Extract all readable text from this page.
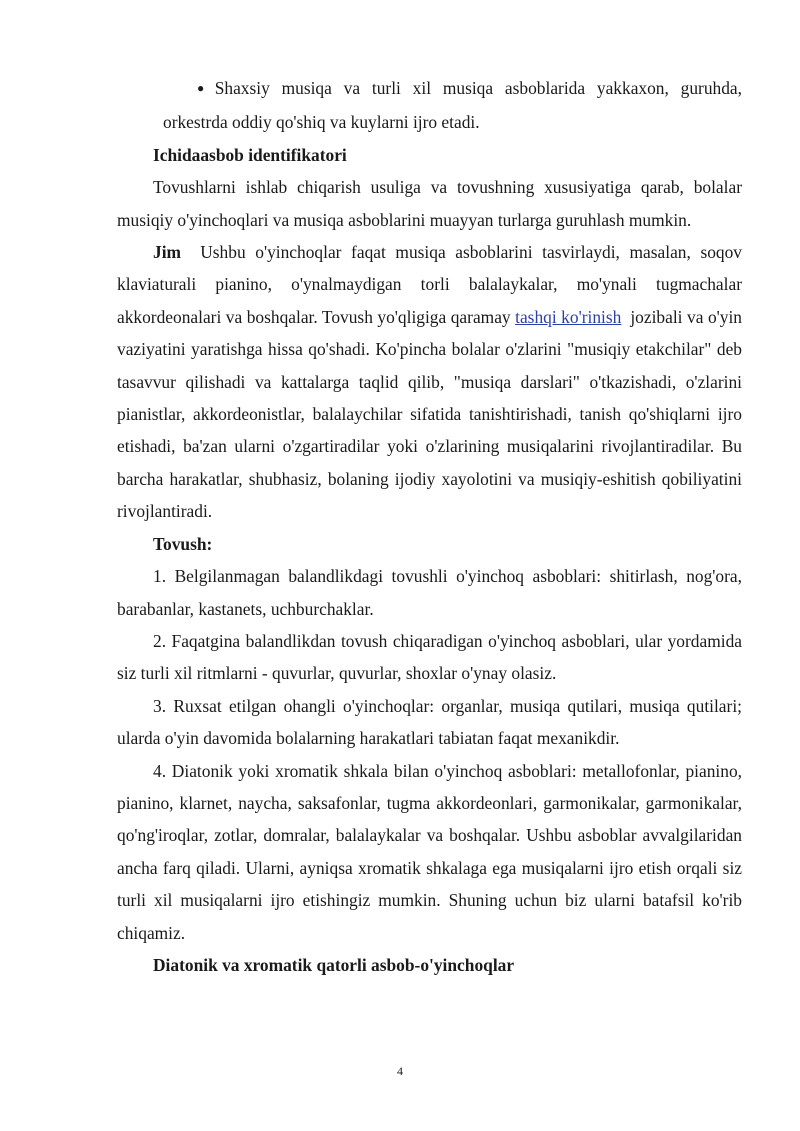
● Shaxsiy musiqa va turli xil musiqa asboblarida yakkaxon, guruhda,
orkestrda oddiy qo'shiq va kuylarni ijro etadi.

Ichidaasbob identifikatori

Tovushlarni ishlab chiqarish usuliga va tovushning xususiyatiga qarab, bolalar musiqiy o'yinchoqlari va musiqa asboblarini muayyan turlarga guruhlash mumkin.

Jim  Ushbu o'yinchoqlar faqat musiqa asboblarini tasvirlaydi, masalan, soqov klaviaturali pianino, o'ynalmaydigan torli balalaykalar, mo'ynali tugmachalar akkordeonalari va boshqalar. Tovush yo'qligiga qaramay tashqi ko'rinish  jozibali va o'yin vaziyatini yaratishga hissa qo'shadi. Ko'pincha bolalar o'zlarini "musiqiy etakchilar" deb tasavvur qilishadi va kattalarga taqlid qilib, "musiqa darslari" o'tkazishadi, o'zlarini pianistlar, akkordeonistlar, balalaychilar sifatida tanishtirishadi, tanish qo'shiqlarni ijro etishadi, ba'zan ularni o'zgartiradilar yoki o'zlarining musiqalarini rivojlantiradilar. Bu barcha harakatlar, shubhasiz, bolaning ijodiy xayolotini va musiqiy-eshitish qobiliyatini rivojlantiradi.

Tovush:

1. Belgilanmagan balandlikdagi tovushli o'yinchoq asboblari: shitirlash, nog'ora, barabanlar, kastanets, uchburchaklar.

2. Faqatgina balandlikdan tovush chiqaradigan o'yinchoq asboblari, ular yordamida siz turli xil ritmlarni - quvurlar, quvurlar, shoxlar o'ynay olasiz.

3. Ruxsat etilgan ohangli o'yinchoqlar: organlar, musiqa qutilari, musiqa qutilari; ularda o'yin davomida bolalarning harakatlari tabiatan faqat mexanikdir.

4. Diatonik yoki xromatik shkala bilan o'yinchoq asboblari: metallofonlar, pianino, pianino, klarnet, naycha, saksafonlar, tugma akkordeonlari, garmonikalar, garmonikalar, qo'ng'iroqlar, zotlar, domralar, balalaykalar va boshqalar. Ushbu asboblar avvalgilaridan ancha farq qiladi. Ularni, ayniqsa xromatik shkalaga ega musiqalarni ijro etish orqali siz turli xil musiqalarni ijro etishingiz mumkin. Shuning uchun biz ularni batafsil ko'rib chiqamiz.

Diatonik va xromatik qatorli asbob-o'yinchoqlar

4
